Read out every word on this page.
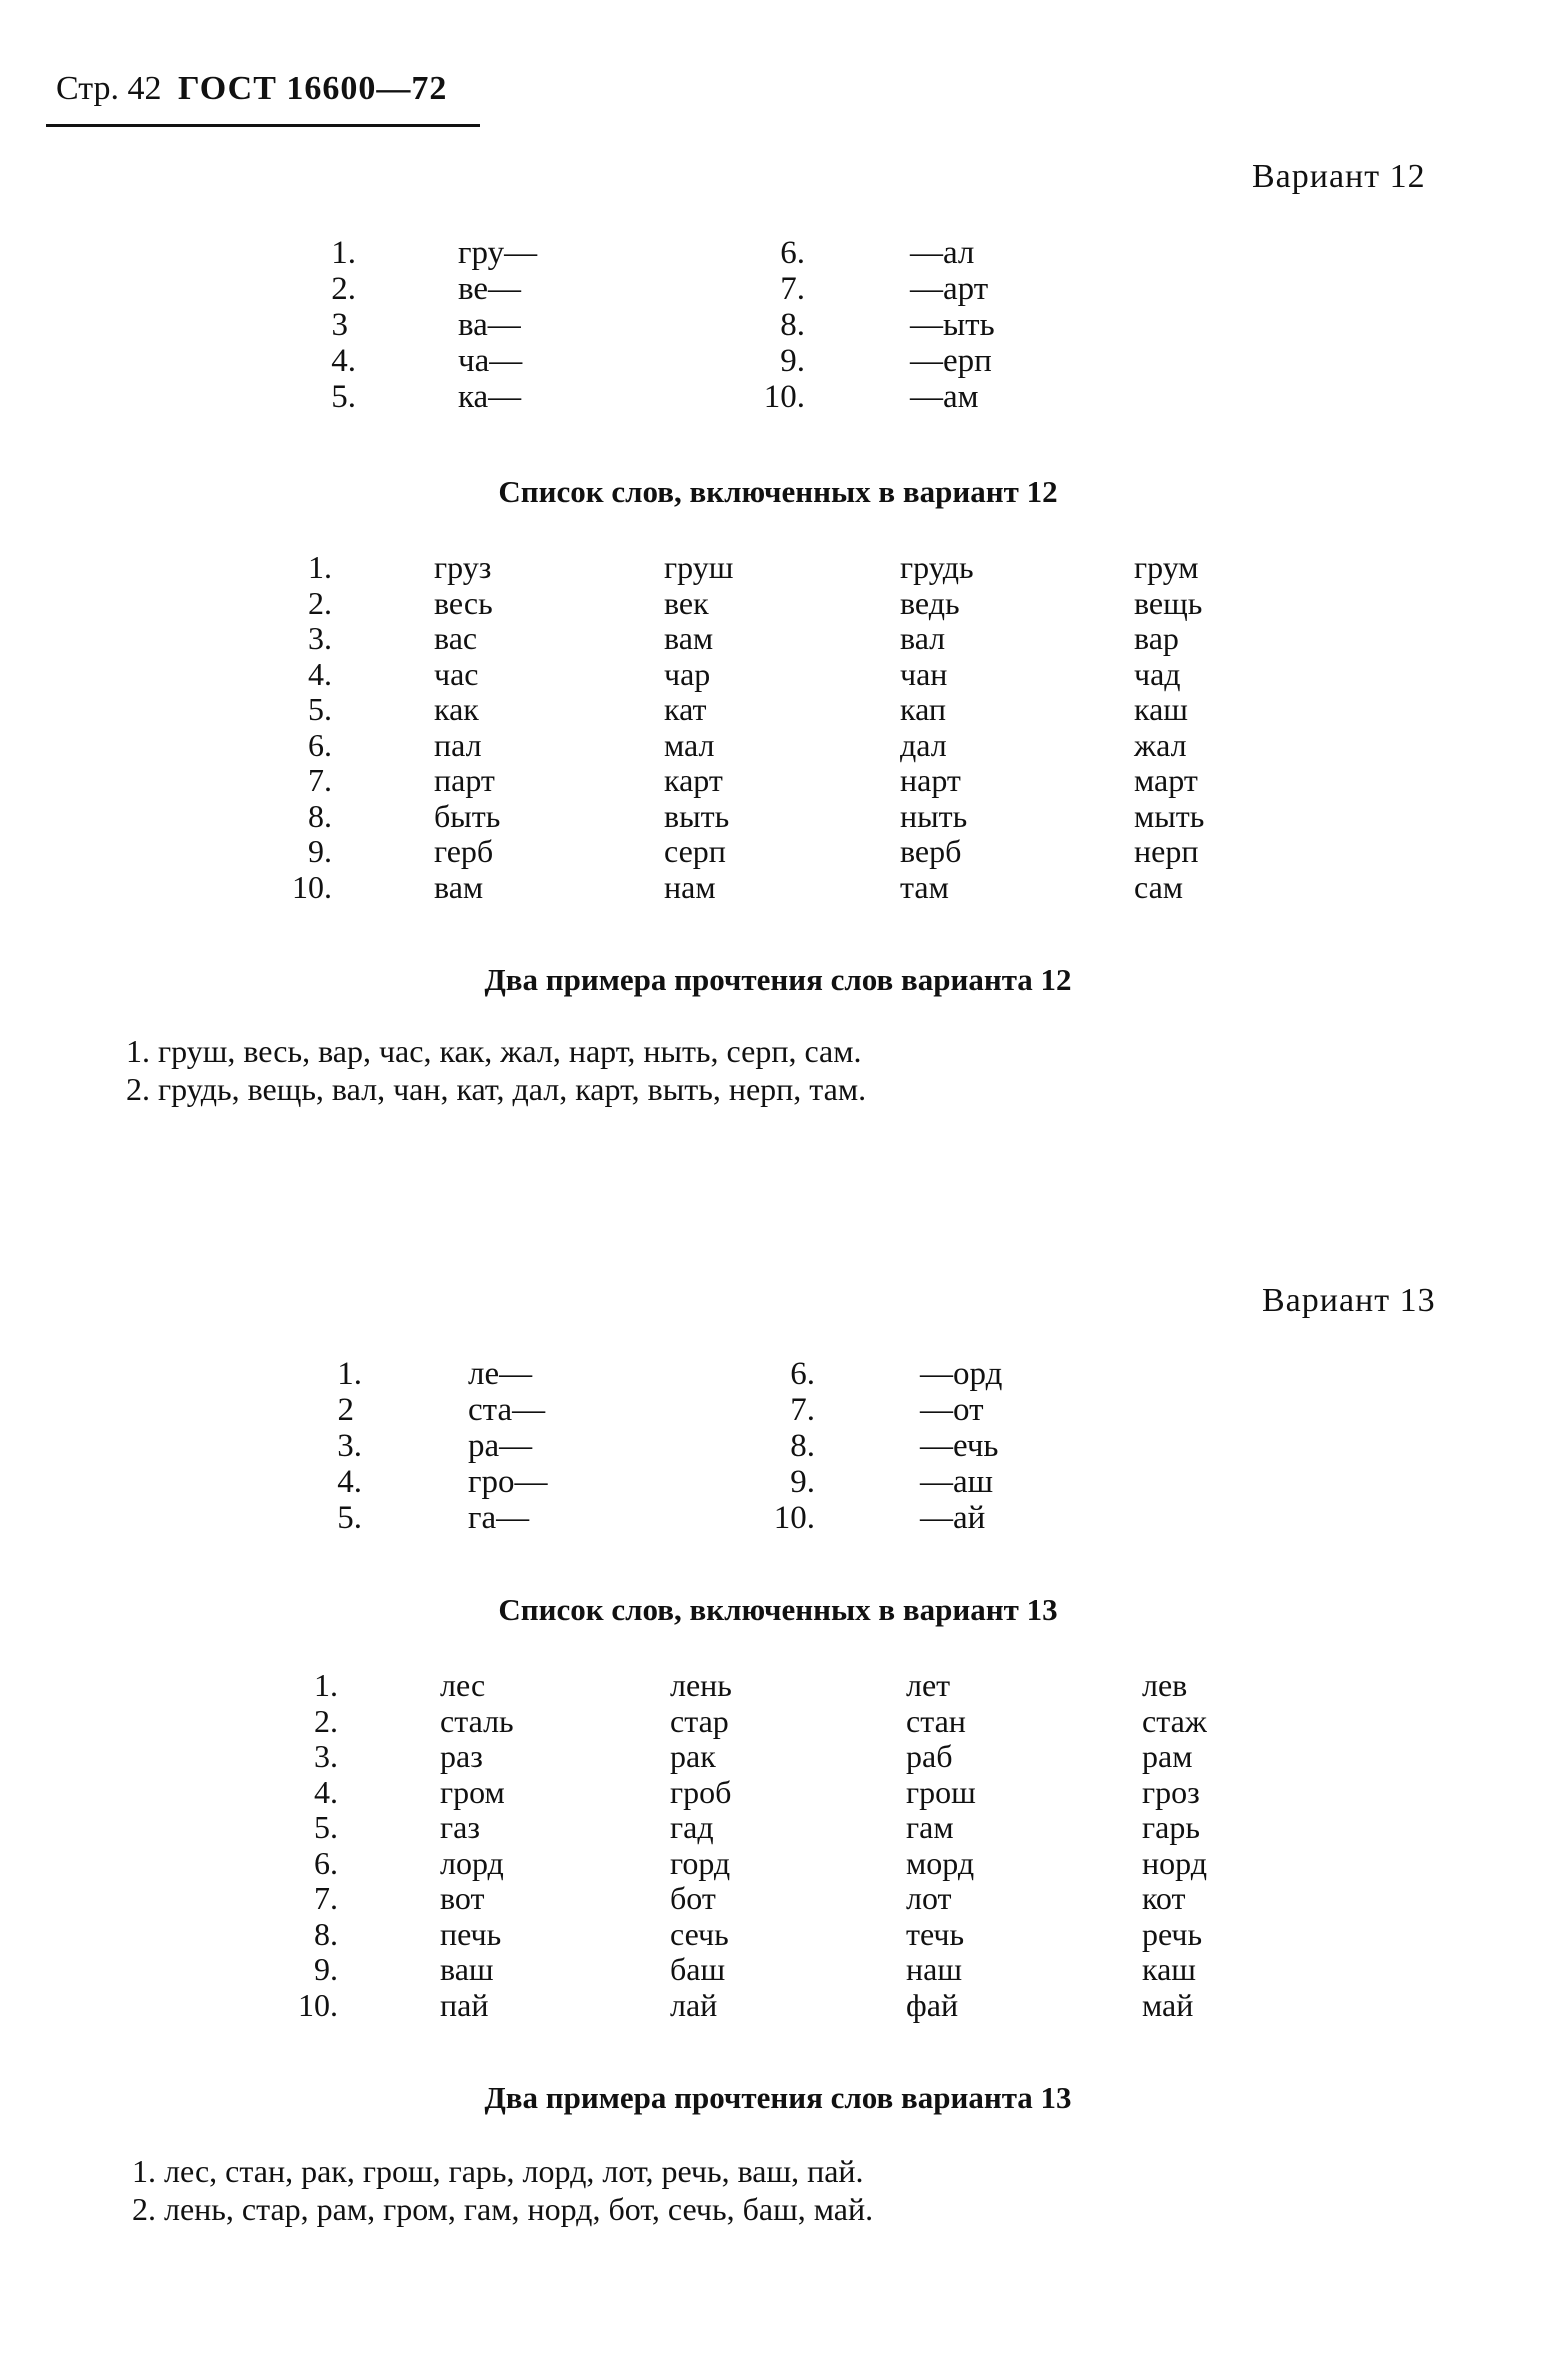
Стр. 42 ГОСТ 16600—72
Вариант 12
1.	гру—	6.	—ал
2.	ве—	7.	—арт
3	ва—	8.	—ыть
4.	ча—	9.	—ерп
5.	ка—	10.	—ам
Список слов, включенных в вариант 12
1.	груз	груш	грудь	грум
2.	весь	век	ведь	вещь
3.	вас	вам	вал	вар
4.	час	чар	чан	чад
5.	как	кат	кап	каш
6.	пал	мал	дал	жал
7.	парт	карт	нарт	март
8.	быть	выть	ныть	мыть
9.	герб	серп	верб	нерп
10.	вам	нам	там	сам
Два примера прочтения слов варианта 12
1. груш, весь, вар, час, как, жал, нарт, ныть, серп, сам.
2. грудь, вещь, вал, чан, кат, дал, карт, выть, нерп, там.
Вариант 13
1.	ле—	6.	—орд
2	ста—	7.	—от
3.	ра—	8.	—ечь
4.	гро—	9.	—аш
5.	га—	10.	—ай
Список слов, включенных в вариант 13
1.	лес	лень	лет	лев
2.	сталь	стар	стан	стаж
3.	раз	рак	раб	рам
4.	гром	гроб	грош	гроз
5.	газ	гад	гам	гарь
6.	лорд	горд	морд	норд
7.	вот	бот	лот	кот
8.	печь	сечь	течь	речь
9.	ваш	баш	наш	каш
10.	пай	лай	фай	май
Два примера прочтения слов варианта 13
1. лес, стан, рак, грош, гарь, лорд, лот, речь, ваш, пай.
2. лень, стар, рам, гром, гам, норд, бот, сечь, баш, май.
